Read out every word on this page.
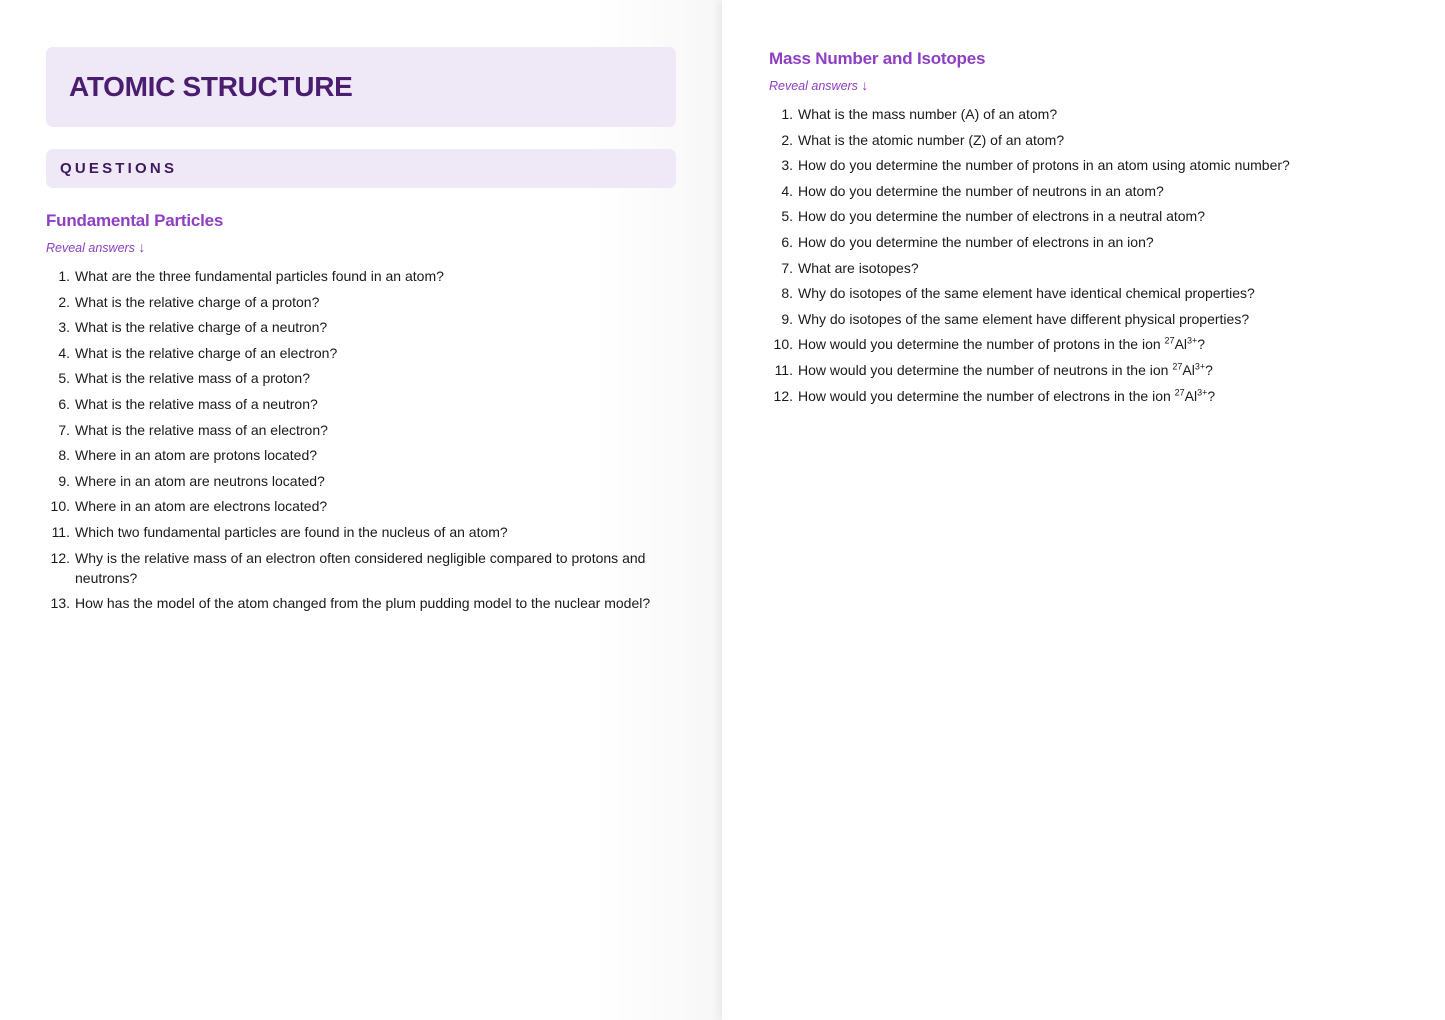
ATOMIC STRUCTURE
QUESTIONS
Fundamental Particles
Reveal answers ↓
1. What are the three fundamental particles found in an atom?
2. What is the relative charge of a proton?
3. What is the relative charge of a neutron?
4. What is the relative charge of an electron?
5. What is the relative mass of a proton?
6. What is the relative mass of a neutron?
7. What is the relative mass of an electron?
8. Where in an atom are protons located?
9. Where in an atom are neutrons located?
10. Where in an atom are electrons located?
11. Which two fundamental particles are found in the nucleus of an atom?
12. Why is the relative mass of an electron often considered negligible compared to protons and neutrons?
13. How has the model of the atom changed from the plum pudding model to the nuclear model?
Mass Number and Isotopes
Reveal answers ↓
1. What is the mass number (A) of an atom?
2. What is the atomic number (Z) of an atom?
3. How do you determine the number of protons in an atom using atomic number?
4. How do you determine the number of neutrons in an atom?
5. How do you determine the number of electrons in a neutral atom?
6. How do you determine the number of electrons in an ion?
7. What are isotopes?
8. Why do isotopes of the same element have identical chemical properties?
9. Why do isotopes of the same element have different physical properties?
10. How would you determine the number of protons in the ion $^{27}Al^{3+}$?
11. How would you determine the number of neutrons in the ion $^{27}Al^{3+}$?
12. How would you determine the number of electrons in the ion $^{27}Al^{3+}$?
